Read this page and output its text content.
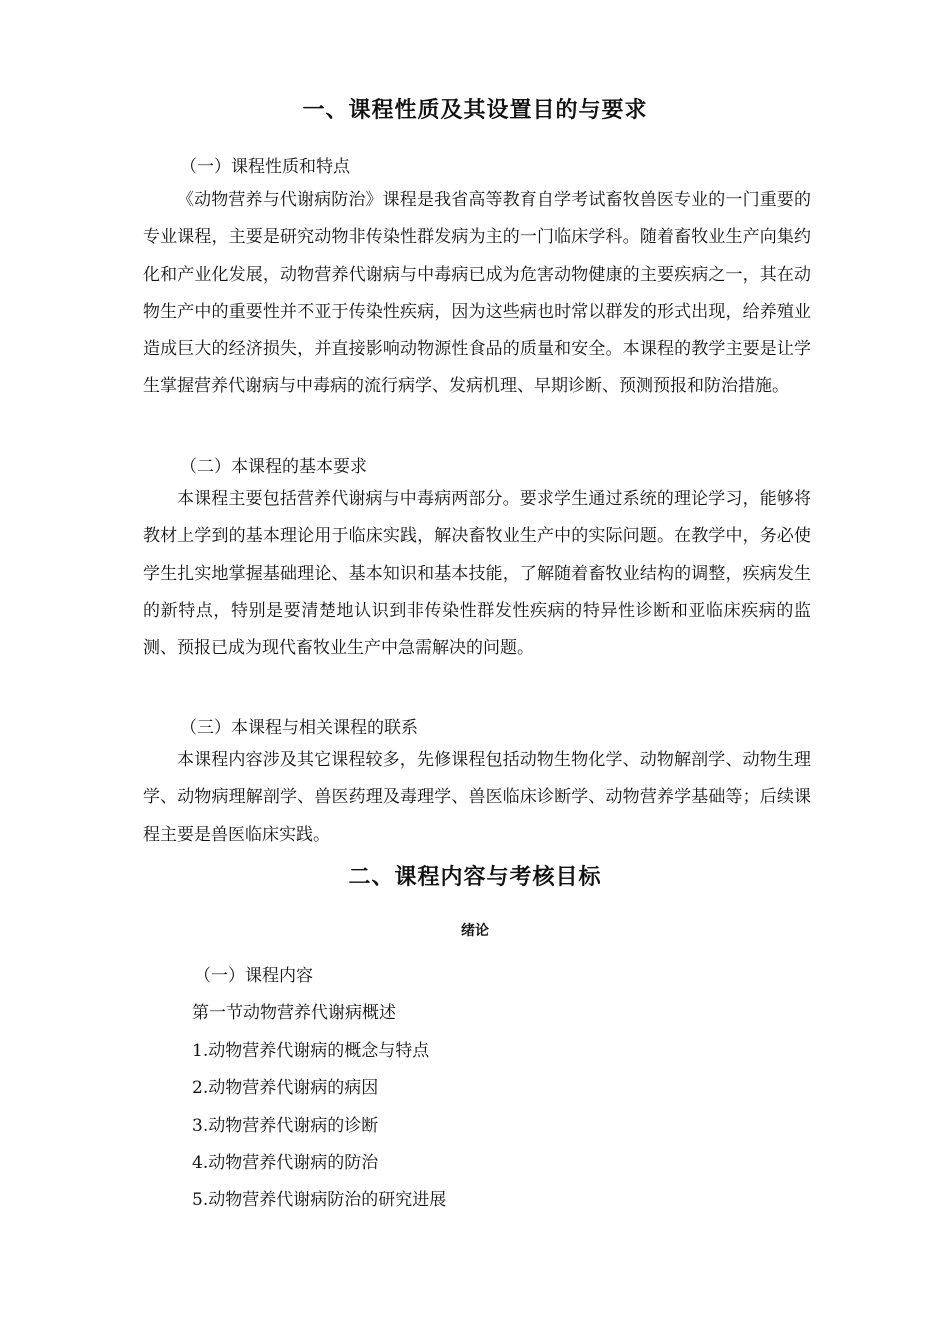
一、课程性质及其设置目的与要求
（一）课程性质和特点
《动物营养与代谢病防治》课程是我省高等教育自学考试畜牧兽医专业的一门重要的专业课程，主要是研究动物非传染性群发病为主的一门临床学科。随着畜牧业生产向集约化和产业化发展，动物营养代谢病与中毒病已成为危害动物健康的主要疾病之一，其在动物生产中的重要性并不亚于传染性疾病，因为这些病也时常以群发的形式出现，给养殖业造成巨大的经济损失，并直接影响动物源性食品的质量和安全。本课程的教学主要是让学生掌握营养代谢病与中毒病的流行病学、发病机理、早期诊断、预测预报和防治措施。
（二）本课程的基本要求
本课程主要包括营养代谢病与中毒病两部分。要求学生通过系统的理论学习，能够将教材上学到的基本理论用于临床实践，解决畜牧业生产中的实际问题。在教学中，务必使学生扎实地掌握基础理论、基本知识和基本技能，了解随着畜牧业结构的调整，疾病发生的新特点，特别是要清楚地认识到非传染性群发性疾病的特异性诊断和亚临床疾病的监测、预报已成为现代畜牧业生产中急需解决的问题。
（三）本课程与相关课程的联系
本课程内容涉及其它课程较多，先修课程包括动物生物化学、动物解剖学、动物生理学、动物病理解剖学、兽医药理及毒理学、兽医临床诊断学、动物营养学基础等；后续课程主要是兽医临床实践。
二、课程内容与考核目标
绪论
（一）课程内容
第一节动物营养代谢病概述
1.动物营养代谢病的概念与特点
2.动物营养代谢病的病因
3.动物营养代谢病的诊断
4.动物营养代谢病的防治
5.动物营养代谢病防治的研究进展
